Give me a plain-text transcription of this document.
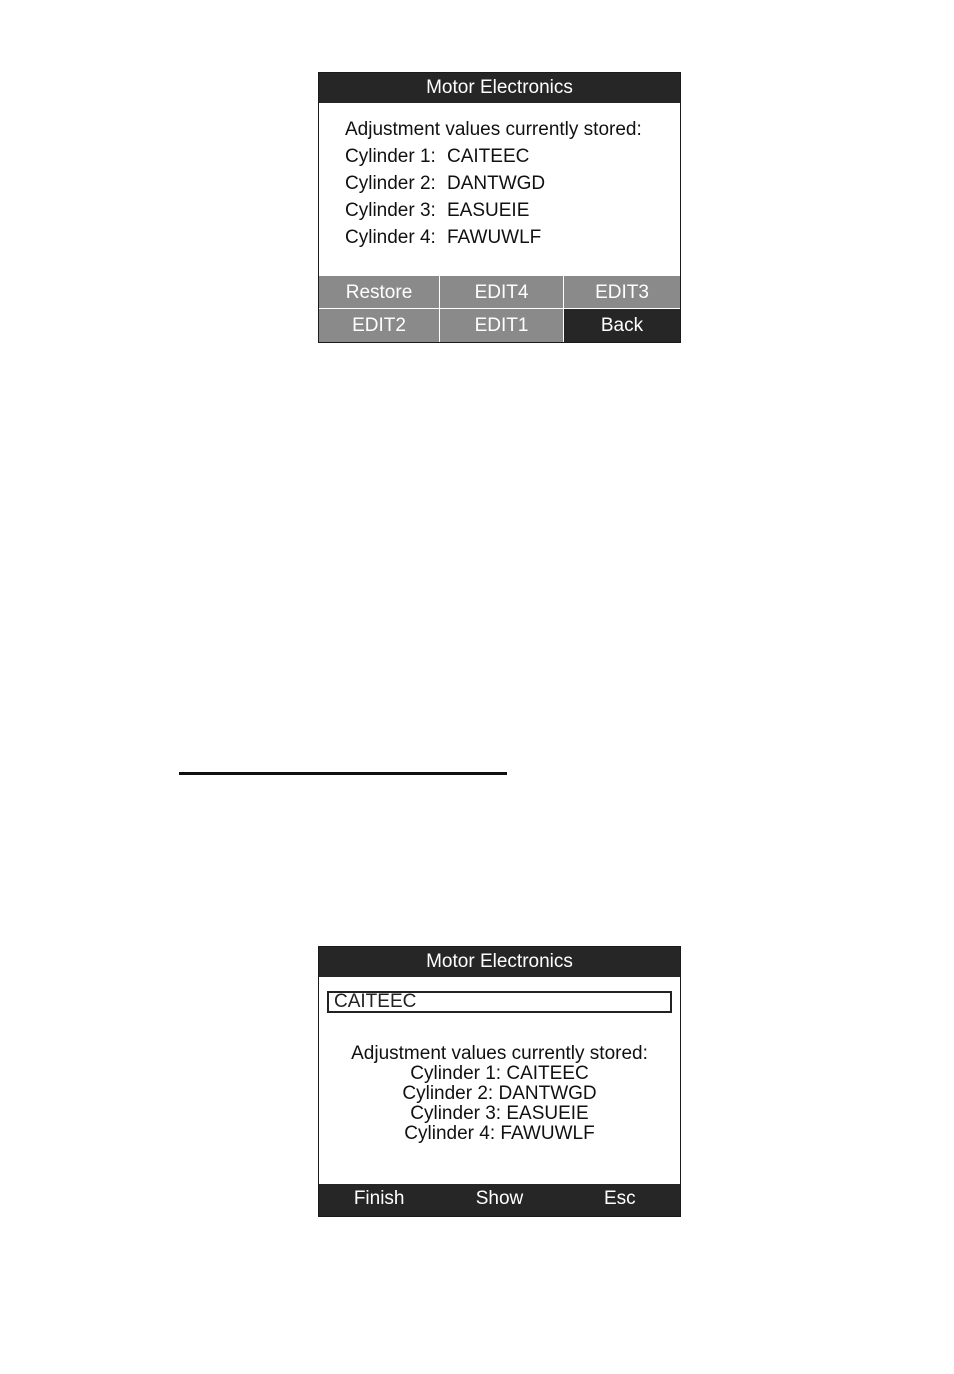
Motor Electronics
Adjustment values currently stored:
Cylinder 1: CAITEEC
Cylinder 2: DANTWGD
Cylinder 3: EASUEIE
Cylinder 4: FAWUWLF
Restore	EDIT4	EDIT3
EDIT2	EDIT1	Back
Motor Electronics
CAITEEC
Adjustment values currently stored:
Cylinder 1: CAITEEC
Cylinder 2: DANTWGD
Cylinder 3: EASUEIE
Cylinder 4: FAWUWLF
Finish	Show	Esc
